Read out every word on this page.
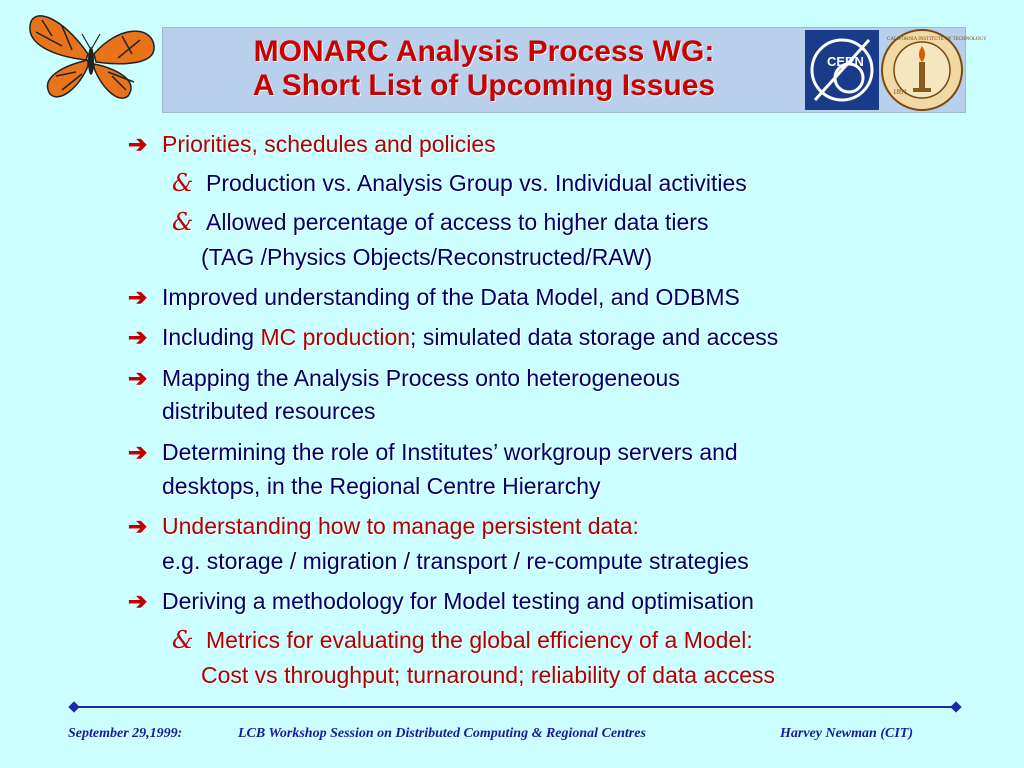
MONARC Analysis Process WG:
A Short List of Upcoming Issues
CERN
1891
CALIFORNIA INSTITUTE OF TECHNOLOGY
➔ Priorities, schedules and policies
& Production vs. Analysis Group vs. Individual activities
& Allowed percentage of access to higher data tiers
(TAG /Physics Objects/Reconstructed/RAW)
➔ Improved understanding of the Data Model, and ODBMS
➔ Including MC production; simulated data storage and access
➔ Mapping the Analysis Process onto heterogeneous
distributed resources
➔ Determining the role of Institutes’ workgroup servers and
desktops, in the Regional Centre Hierarchy
➔ Understanding how to manage persistent data:
e.g. storage / migration / transport / re-compute strategies
➔ Deriving a methodology for Model testing and optimisation
& Metrics for evaluating the global efficiency of a Model:
Cost vs throughput; turnaround; reliability of data access
September 29,1999:	LCB Workshop Session on Distributed Computing & Regional Centres	Harvey Newman (CIT)
